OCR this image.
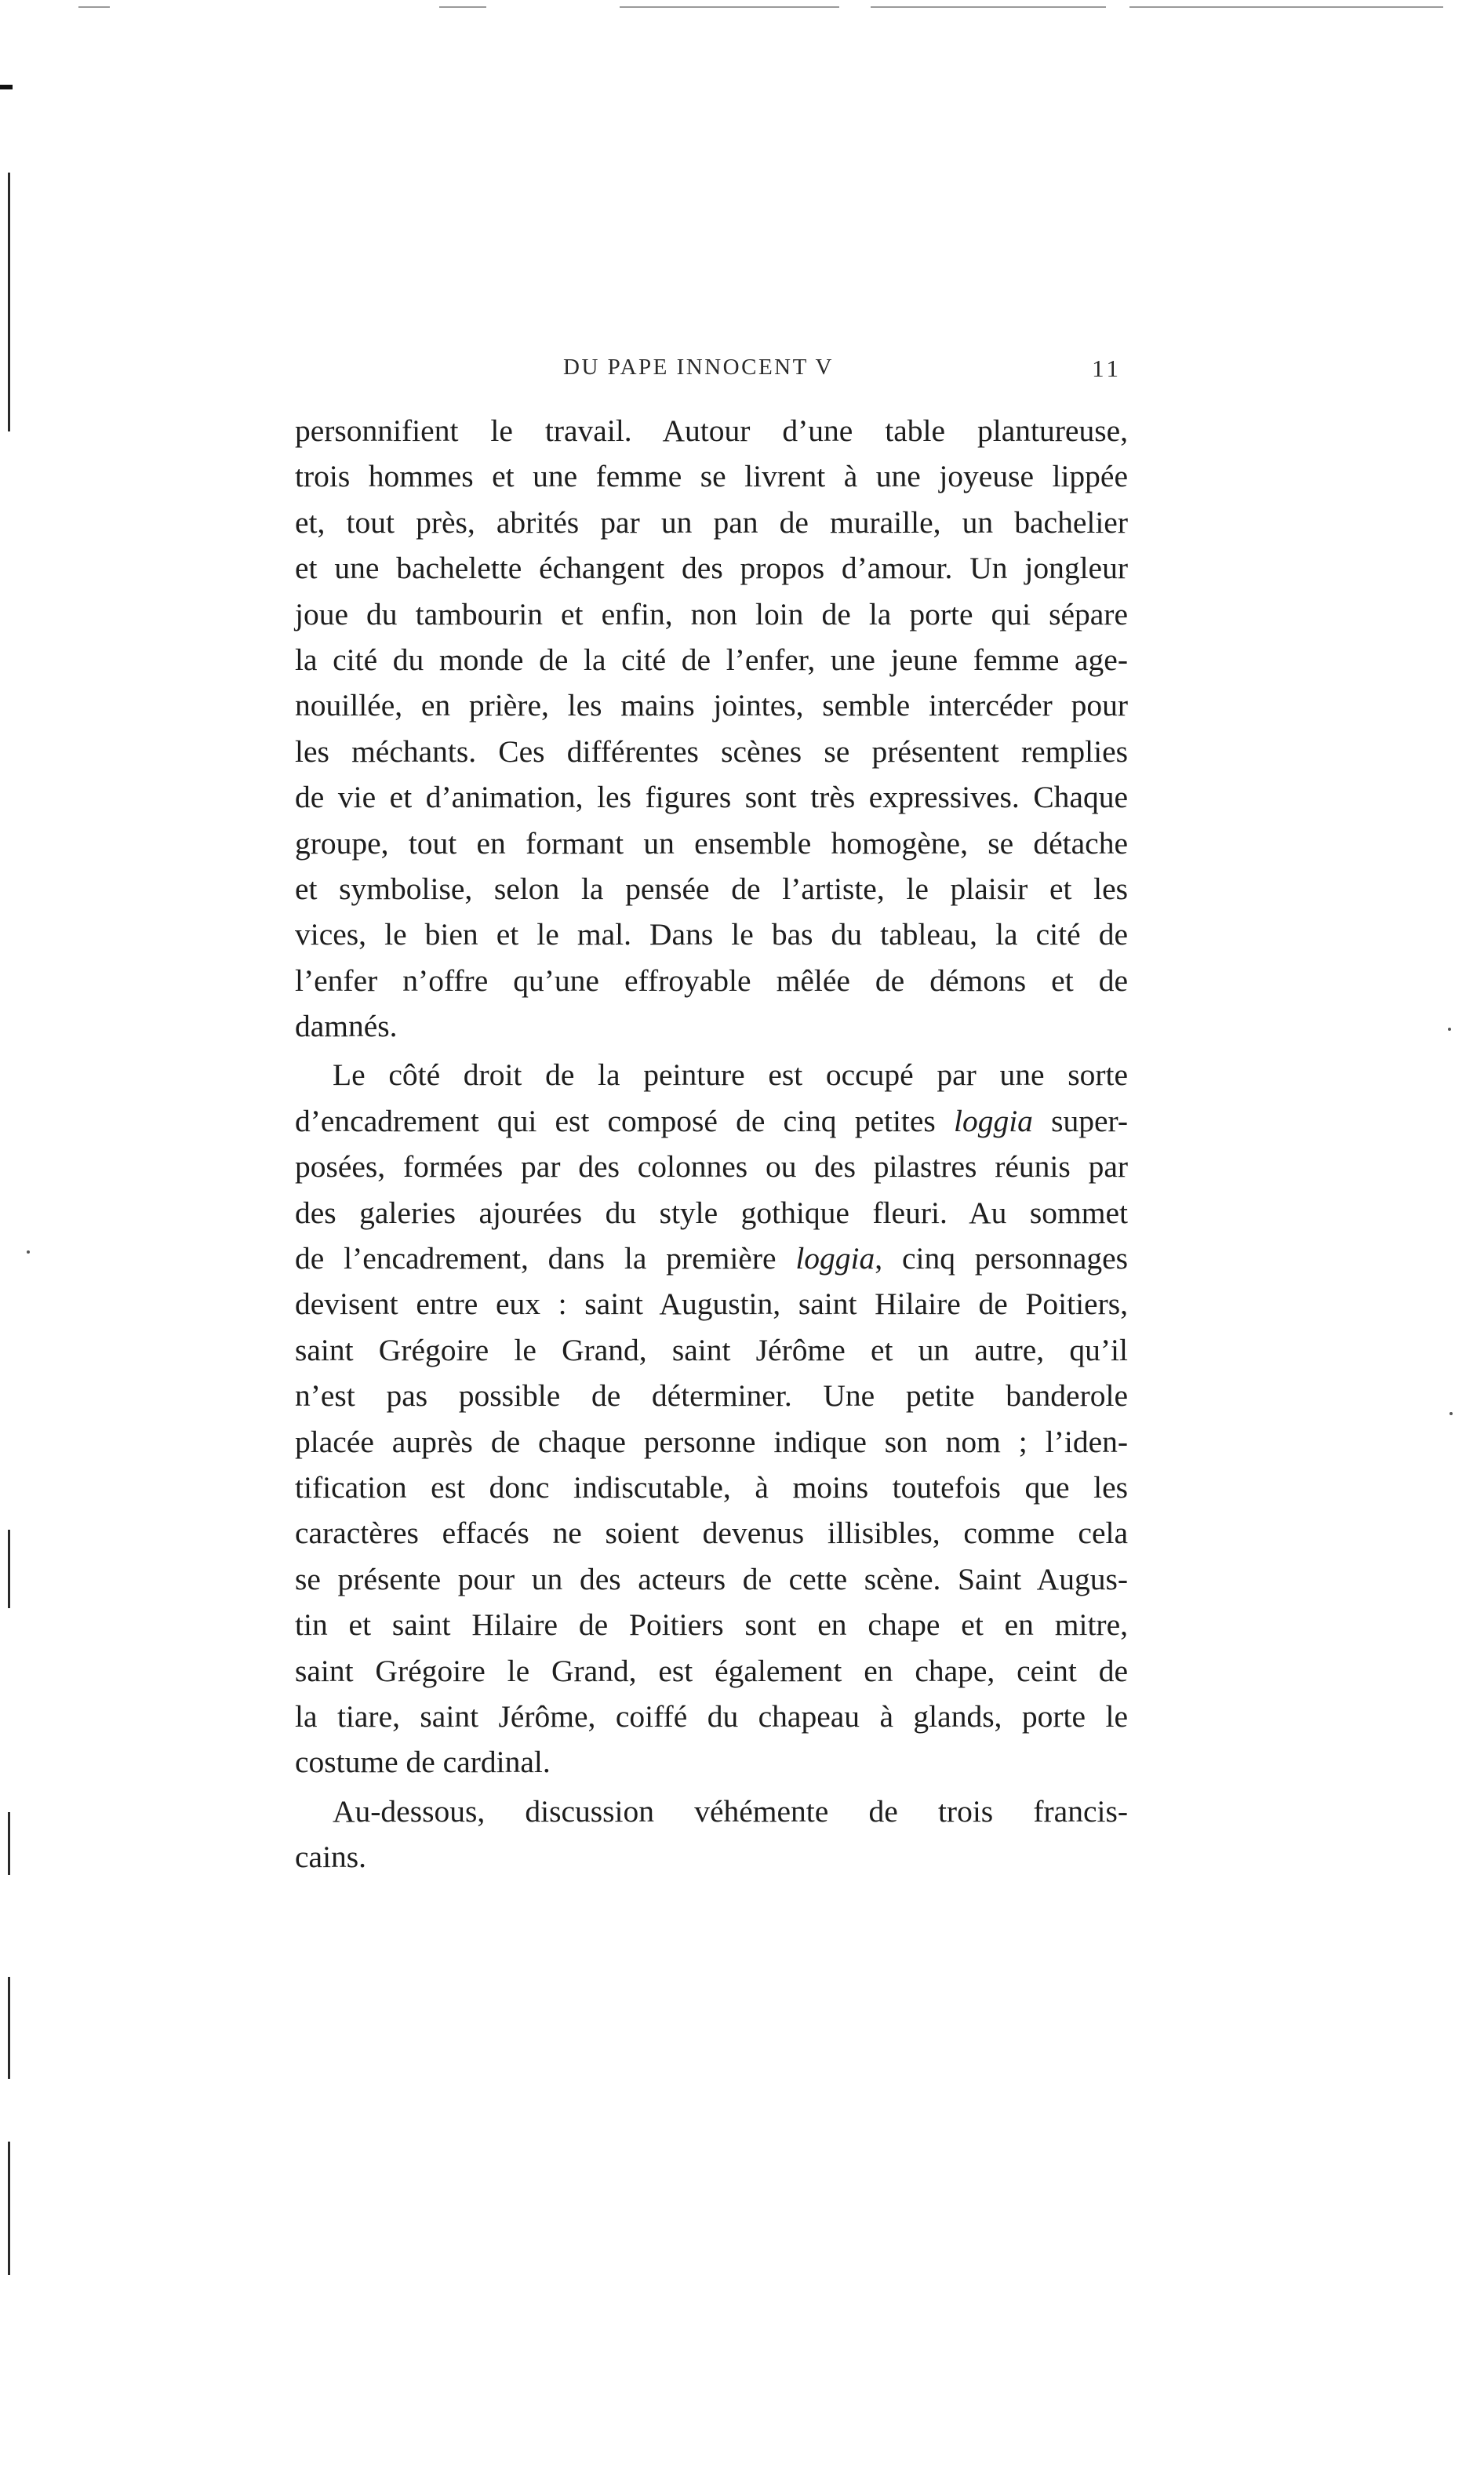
DU PAPE INNOCENT V	11
personnifient le travail. Autour d’une table plantureuse,
trois hommes et une femme se livrent à une joyeuse lippée
et, tout près, abrités par un pan de muraille, un bachelier
et une bachelette échangent des propos d’amour. Un jongleur
joue du tambourin et enfin, non loin de la porte qui sépare
la cité du monde de la cité de l’enfer, une jeune femme age-
nouillée, en prière, les mains jointes, semble intercéder pour
les méchants. Ces différentes scènes se présentent remplies
de vie et d’animation, les figures sont très expressives. Chaque
groupe, tout en formant un ensemble homogène, se détache
et symbolise, selon la pensée de l’artiste, le plaisir et les
vices, le bien et le mal. Dans le bas du tableau, la cité de
l’enfer n’offre qu’une effroyable mêlée de démons et de
damnés.
Le côté droit de la peinture est occupé par une sorte
d’encadrement qui est composé de cinq petites loggia super-
posées, formées par des colonnes ou des pilastres réunis par
des galeries ajourées du style gothique fleuri. Au sommet
de l’encadrement, dans la première loggia, cinq personnages
devisent entre eux : saint Augustin, saint Hilaire de Poitiers,
saint Grégoire le Grand, saint Jérôme et un autre, qu’il
n’est pas possible de déterminer. Une petite banderole
placée auprès de chaque personne indique son nom ; l’iden-
tification est donc indiscutable, à moins toutefois que les
caractères effacés ne soient devenus illisibles, comme cela
se présente pour un des acteurs de cette scène. Saint Augus-
tin et saint Hilaire de Poitiers sont en chape et en mitre,
saint Grégoire le Grand, est également en chape, ceint de
la tiare, saint Jérôme, coiffé du chapeau à glands, porte le
costume de cardinal.
Au-dessous, discussion véhémente de trois francis-
cains.
